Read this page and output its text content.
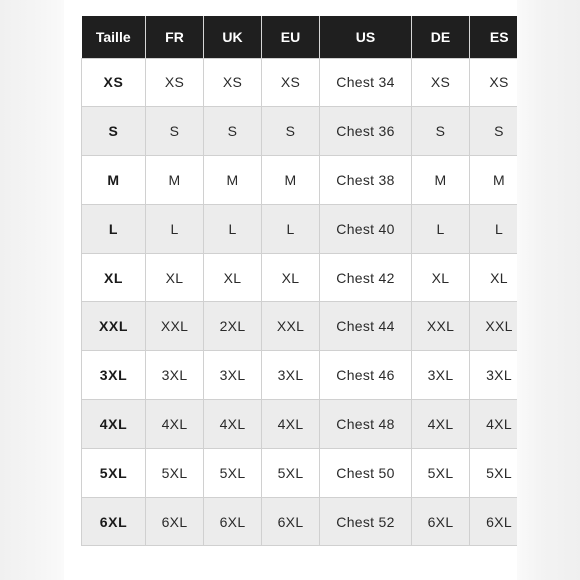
Taille	FR	UK	EU	US	DE	ES
XS	XS	XS	XS	Chest 34	XS	XS
S	S	S	S	Chest 36	S	S
M	M	M	M	Chest 38	M	M
L	L	L	L	Chest 40	L	L
XL	XL	XL	XL	Chest 42	XL	XL
XXL	XXL	2XL	XXL	Chest 44	XXL	XXL
3XL	3XL	3XL	3XL	Chest 46	3XL	3XL
4XL	4XL	4XL	4XL	Chest 48	4XL	4XL
5XL	5XL	5XL	5XL	Chest 50	5XL	5XL
6XL	6XL	6XL	6XL	Chest 52	6XL	6XL
